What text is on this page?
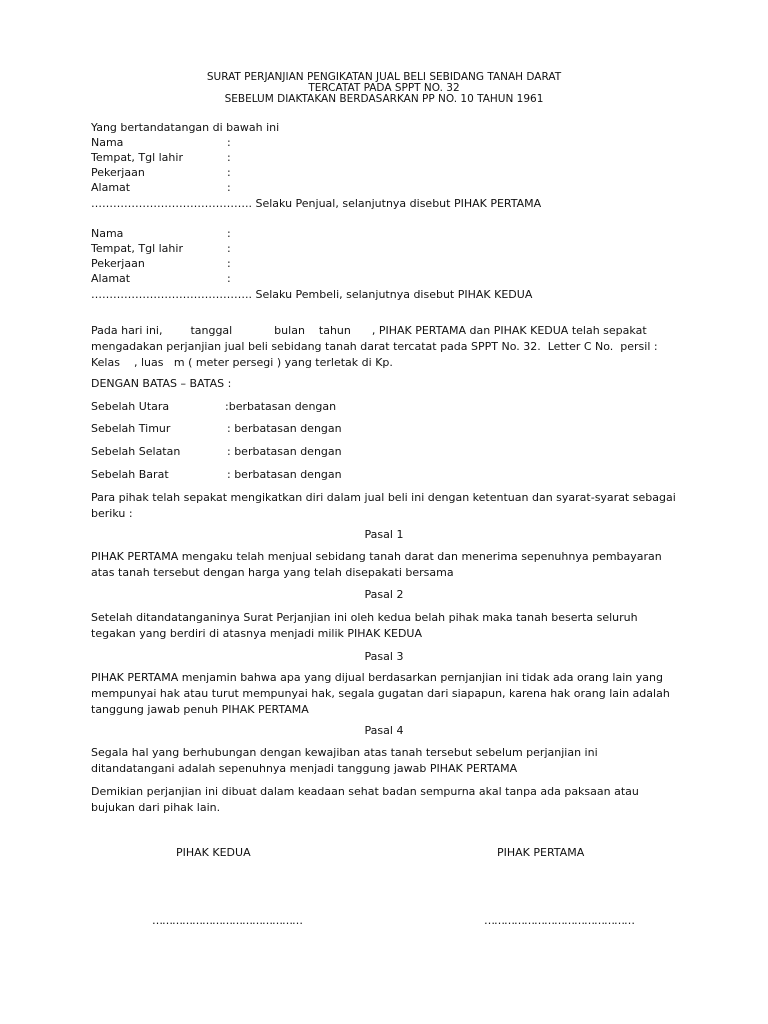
SURAT PERJANJIAN PENGIKATAN JUAL BELI SEBIDANG TANAH DARAT
TERCATAT PADA SPPT NO. 32
SEBELUM DIAKTAKAN BERDASARKAN PP NO. 10 TAHUN 1961
Yang bertandatangan di bawah ini
Nama	:
Tempat, Tgl lahir	:
Pekerjaan	:
Alamat	:
…………………………………….. Selaku Penjual, selanjutnya disebut PIHAK PERTAMA
Nama	:
Tempat, Tgl lahir	:
Pekerjaan	:
Alamat	:
…………………………………….. Selaku Pembeli, selanjutnya disebut PIHAK KEDUA
Pada hari ini,        tanggal            bulan    tahun      , PIHAK PERTAMA dan PIHAK KEDUA telah sepakat mengadakan perjanjian jual beli sebidang tanah darat tercatat pada SPPT No. 32.  Letter C No.  persil : Kelas    , luas   m ( meter persegi ) yang terletak di Kp.
DENGAN BATAS – BATAS :
Sebelah Utara	:berbatasan dengan
Sebelah Timur	: berbatasan dengan
Sebelah Selatan	: berbatasan dengan
Sebelah Barat	: berbatasan dengan
Para pihak telah sepakat mengikatkan diri dalam jual beli ini dengan ketentuan dan syarat-syarat sebagai beriku :
Pasal 1
PIHAK PERTAMA mengaku telah menjual sebidang tanah darat dan menerima sepenuhnya pembayaran atas tanah tersebut dengan harga yang telah disepakati bersama
Pasal 2
Setelah ditandatanganinya Surat Perjanjian ini oleh kedua belah pihak maka tanah beserta seluruh tegakan yang berdiri di atasnya menjadi milik PIHAK KEDUA
Pasal 3
PIHAK PERTAMA menjamin bahwa apa yang dijual berdasarkan pernjanjian ini tidak ada orang lain yang mempunyai hak atau turut mempunyai hak, segala gugatan dari siapapun, karena hak orang lain adalah tanggung jawab penuh PIHAK PERTAMA
Pasal 4
Segala hal yang berhubungan dengan kewajiban atas tanah tersebut sebelum perjanjian ini ditandatangani adalah sepenuhnya menjadi tanggung jawab PIHAK PERTAMA
Demikian perjanjian ini dibuat dalam keadaan sehat badan sempurna akal tanpa ada paksaan atau bujukan dari pihak lain.
PIHAK KEDUA	PIHAK PERTAMA
………………………………………	………………………………………
